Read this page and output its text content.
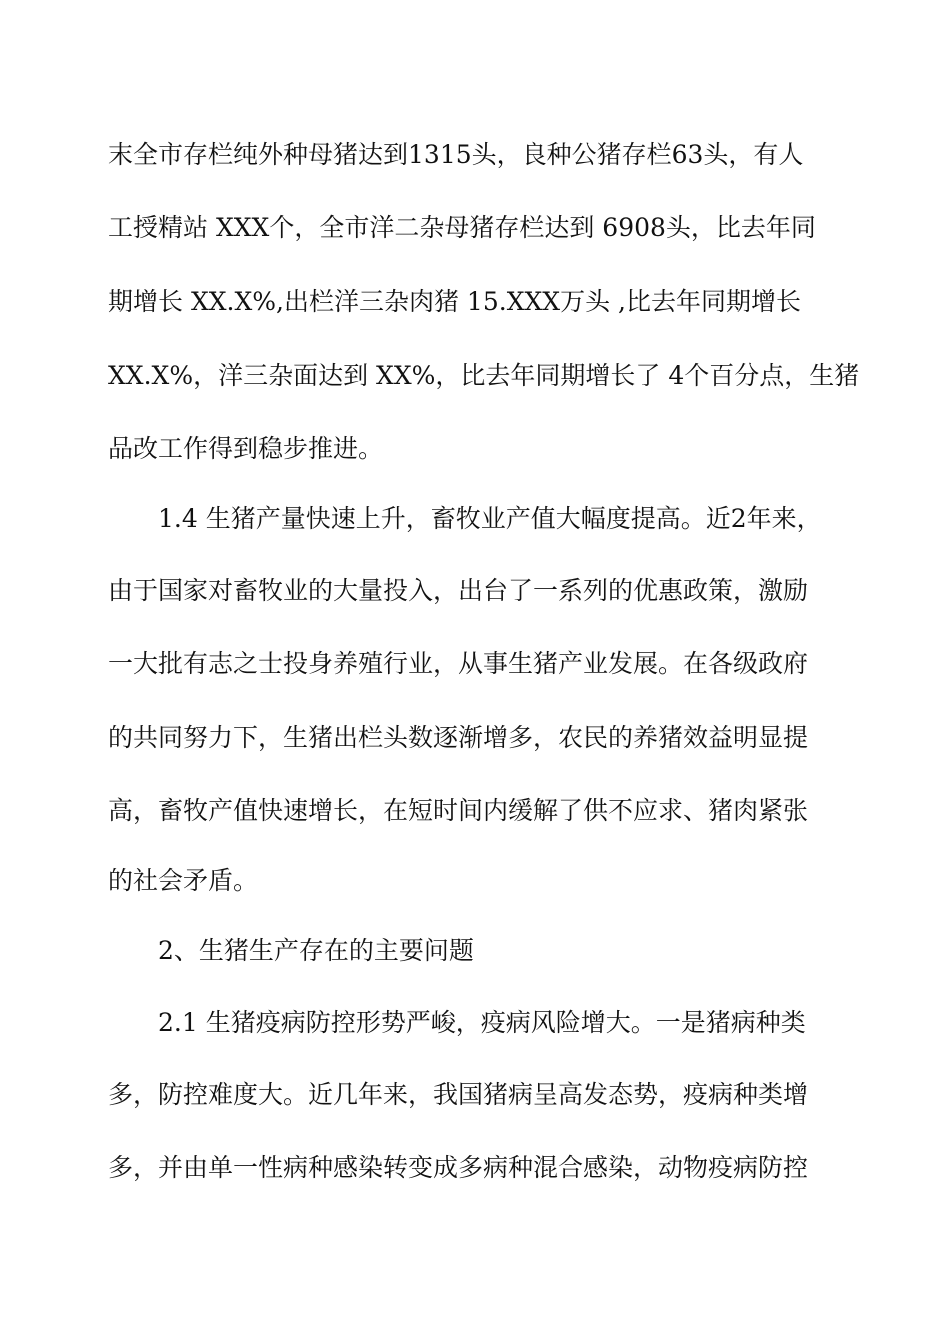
末全市存栏纯外种母猪达到1315头，良种公猪存栏63头，有人
工授精站 XXX个，全市洋二杂母猪存栏达到 6908头，比去年同
期增长 XX.X%,出栏洋三杂肉猪 15.XXX万头 ,比去年同期增长
XX.X%，洋三杂面达到 XX%，比去年同期增长了 4个百分点，生猪
品改工作得到稳步推进。
1.4 生猪产量快速上升，畜牧业产值大幅度提高。近2年来，
由于国家对畜牧业的大量投入，出台了一系列的优惠政策，激励
一大批有志之士投身养殖行业，从事生猪产业发展。在各级政府
的共同努力下，生猪出栏头数逐渐增多，农民的养猪效益明显提
高，畜牧产值快速增长，在短时间内缓解了供不应求、猪肉紧张
的社会矛盾。
2、生猪生产存在的主要问题
2.1 生猪疫病防控形势严峻，疫病风险增大。一是猪病种类
多，防控难度大。近几年来，我国猪病呈高发态势，疫病种类增
多，并由单一性病种感染转变成多病种混合感染，动物疫病防控
